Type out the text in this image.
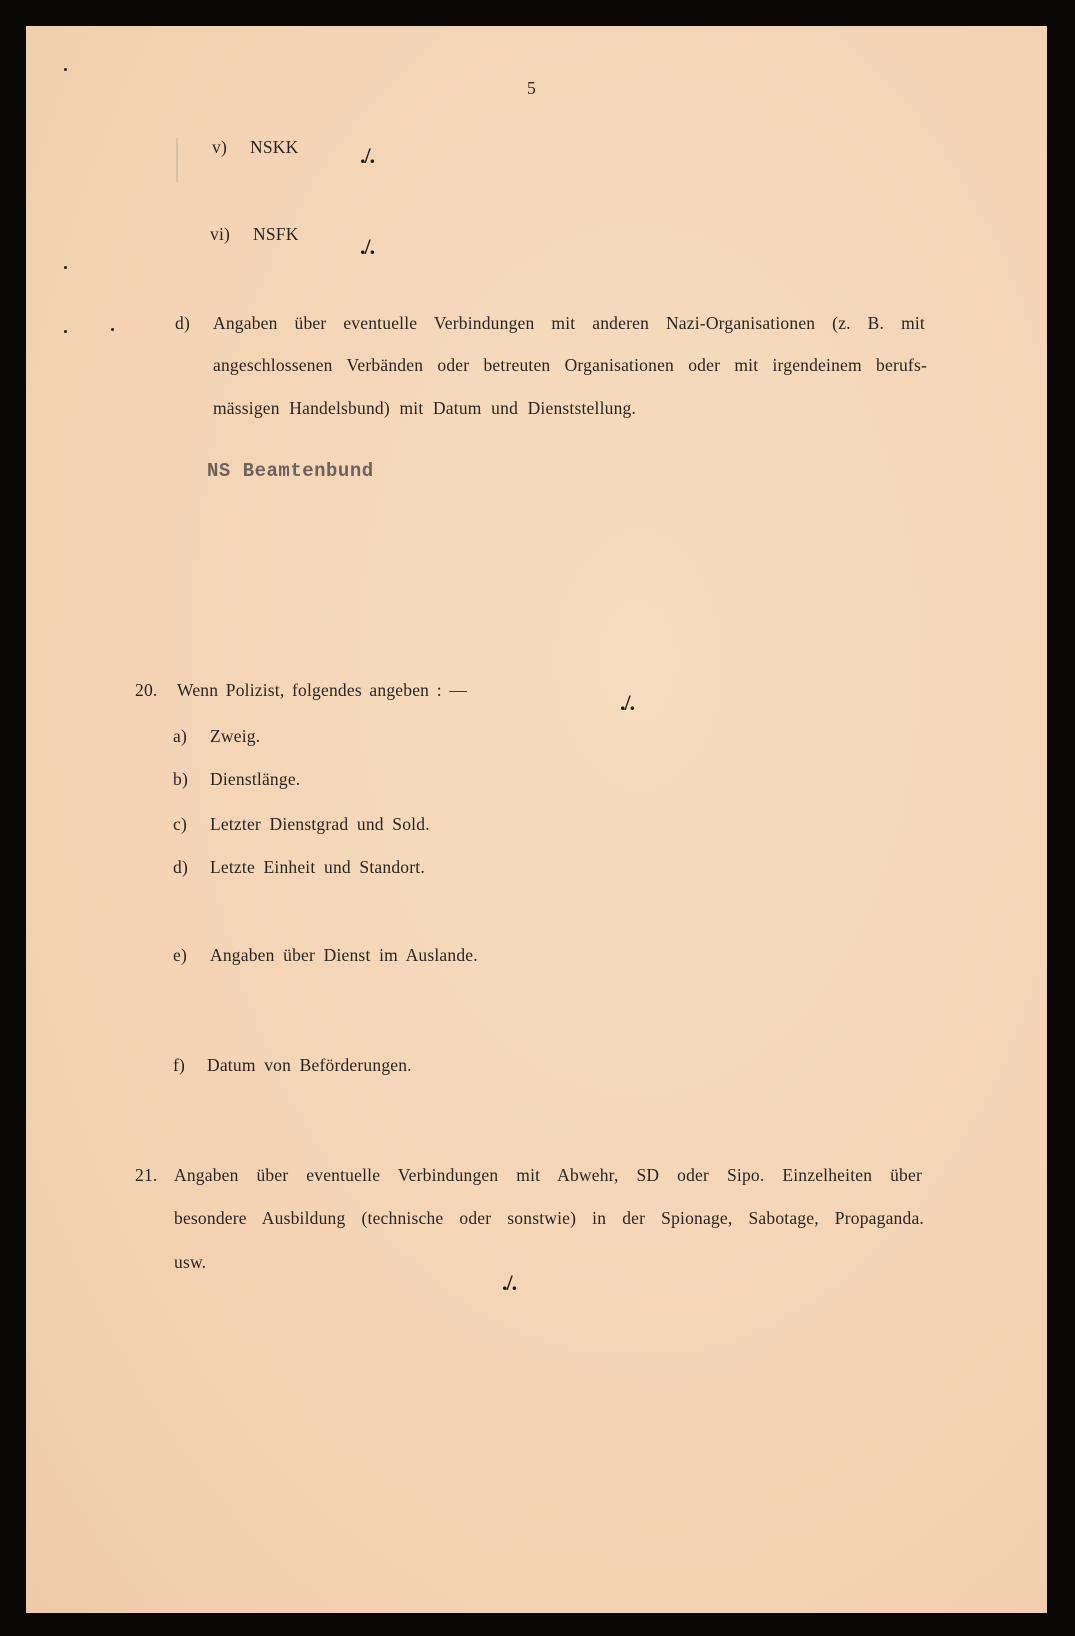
5
v) NSKK	./.
vi) NSFK	./.
d) Angaben über eventuelle Verbindungen mit anderen Nazi-Organisationen (z. B. mit
angeschlossenen Verbänden oder betreuten Organisationen oder mit irgendeinem berufs-
mässigen Handelsbund) mit Datum und Dienststellung.
NS Beamtenbund
20. Wenn Polizist, folgendes angeben : —	./.
a) Zweig.
b) Dienstlänge.
c) Letzter Dienstgrad und Sold.
d) Letzte Einheit und Standort.
e) Angaben über Dienst im Auslande.
f) Datum von Beförderungen.
21. Angaben über eventuelle Verbindungen mit Abwehr, SD oder Sipo. Einzelheiten über
besondere Ausbildung (technische oder sonstwie) in der Spionage, Sabotage, Propaganda.
usw.
./.
